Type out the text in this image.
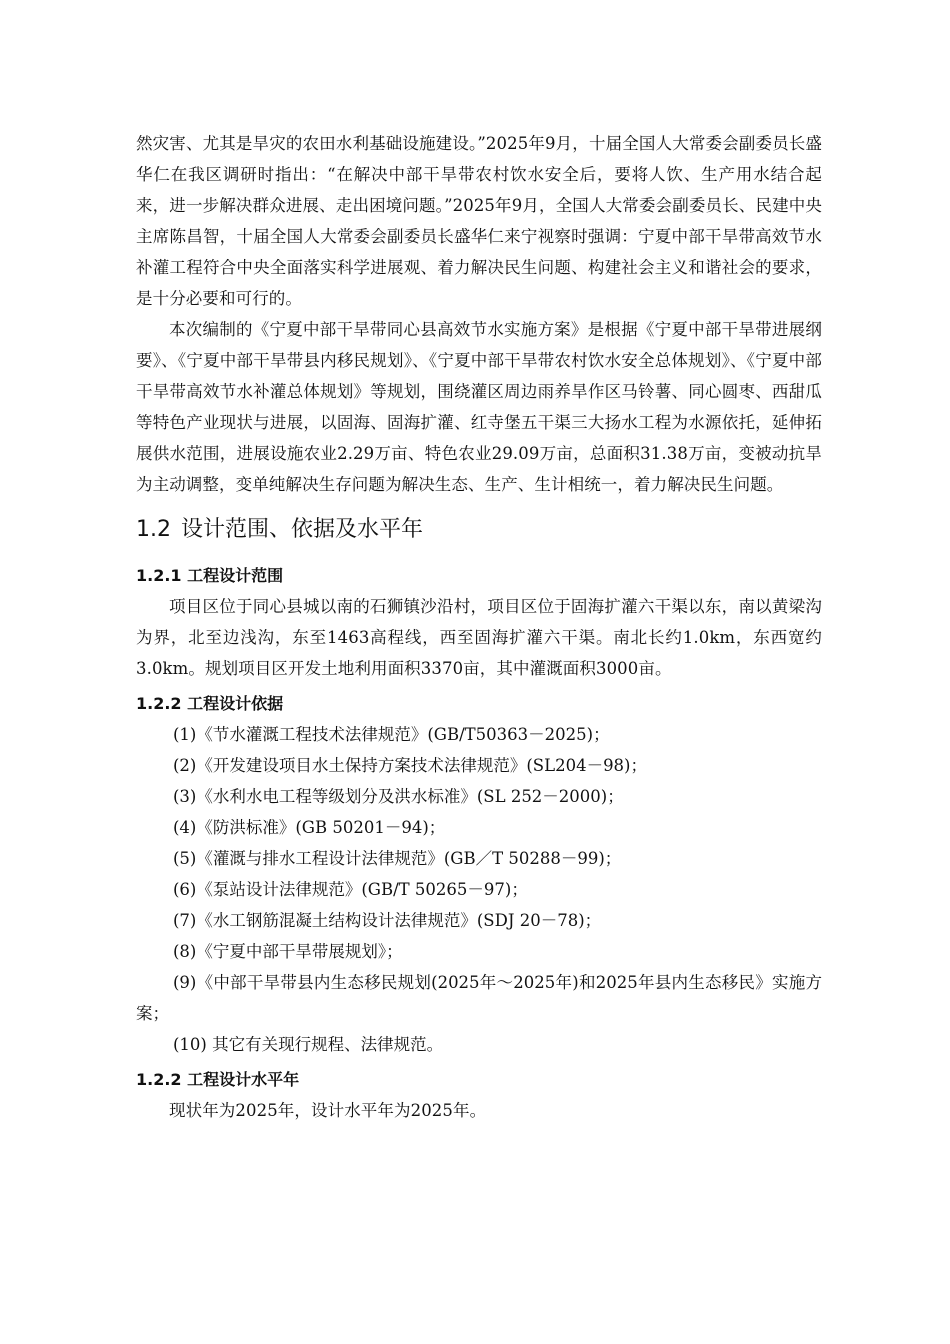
然灾害、尤其是旱灾的农田水利基础设施建设。”2025年9月，十届全国人大常委会副委员长盛华仁在我区调研时指出：“在解决中部干旱带农村饮水安全后，要将人饮、生产用水结合起来，进一步解决群众进展、走出困境问题。”2025年9月，全国人大常委会副委员长、民建中央主席陈昌智，十届全国人大常委会副委员长盛华仁来宁视察时强调：宁夏中部干旱带高效节水补灌工程符合中央全面落实科学进展观、着力解决民生问题、构建社会主义和谐社会的要求，是十分必要和可行的。

本次编制的《宁夏中部干旱带同心县高效节水实施方案》是根据《宁夏中部干旱带进展纲要》、《宁夏中部干旱带县内移民规划》、《宁夏中部干旱带农村饮水安全总体规划》、《宁夏中部干旱带高效节水补灌总体规划》等规划，围绕灌区周边雨养旱作区马铃薯、同心圆枣、西甜瓜等特色产业现状与进展，以固海、固海扩灌、红寺堡五干渠三大扬水工程为水源依托，延伸拓展供水范围，进展设施农业2.29万亩、特色农业29.09万亩，总面积31.38万亩，变被动抗旱为主动调整，变单纯解决生存问题为解决生态、生产、生计相统一，着力解决民生问题。

1.2 设计范围、依据及水平年
1.2.1 工程设计范围

项目区位于同心县城以南的石狮镇沙沿村，项目区位于固海扩灌六干渠以东，南以黄梁沟为界，北至边浅沟，东至1463高程线，西至固海扩灌六干渠。南北长约1.0km，东西宽约3.0km。规划项目区开发土地利用面积3370亩，其中灌溉面积3000亩。

1.2.2 工程设计依据
(1)《节水灌溉工程技术法律规范》(GB/T50363－2025)；
(2)《开发建设项目水土保持方案技术法律规范》(SL204－98)；
(3)《水利水电工程等级划分及洪水标准》(SL 252－2000)；
(4)《防洪标准》(GB 50201－94)；
(5)《灌溉与排水工程设计法律规范》(GB／T 50288－99)；
(6)《泵站设计法律规范》(GB/T 50265－97)；
(7)《水工钢筋混凝土结构设计法律规范》(SDJ 20－78)；
(8)《宁夏中部干旱带展规划》；
(9)《中部干旱带县内生态移民规划(2025年～2025年)和2025年县内生态移民》实施方案；
(10) 其它有关现行规程、法律规范。
1.2.2 工程设计水平年

现状年为2025年，设计水平年为2025年。
